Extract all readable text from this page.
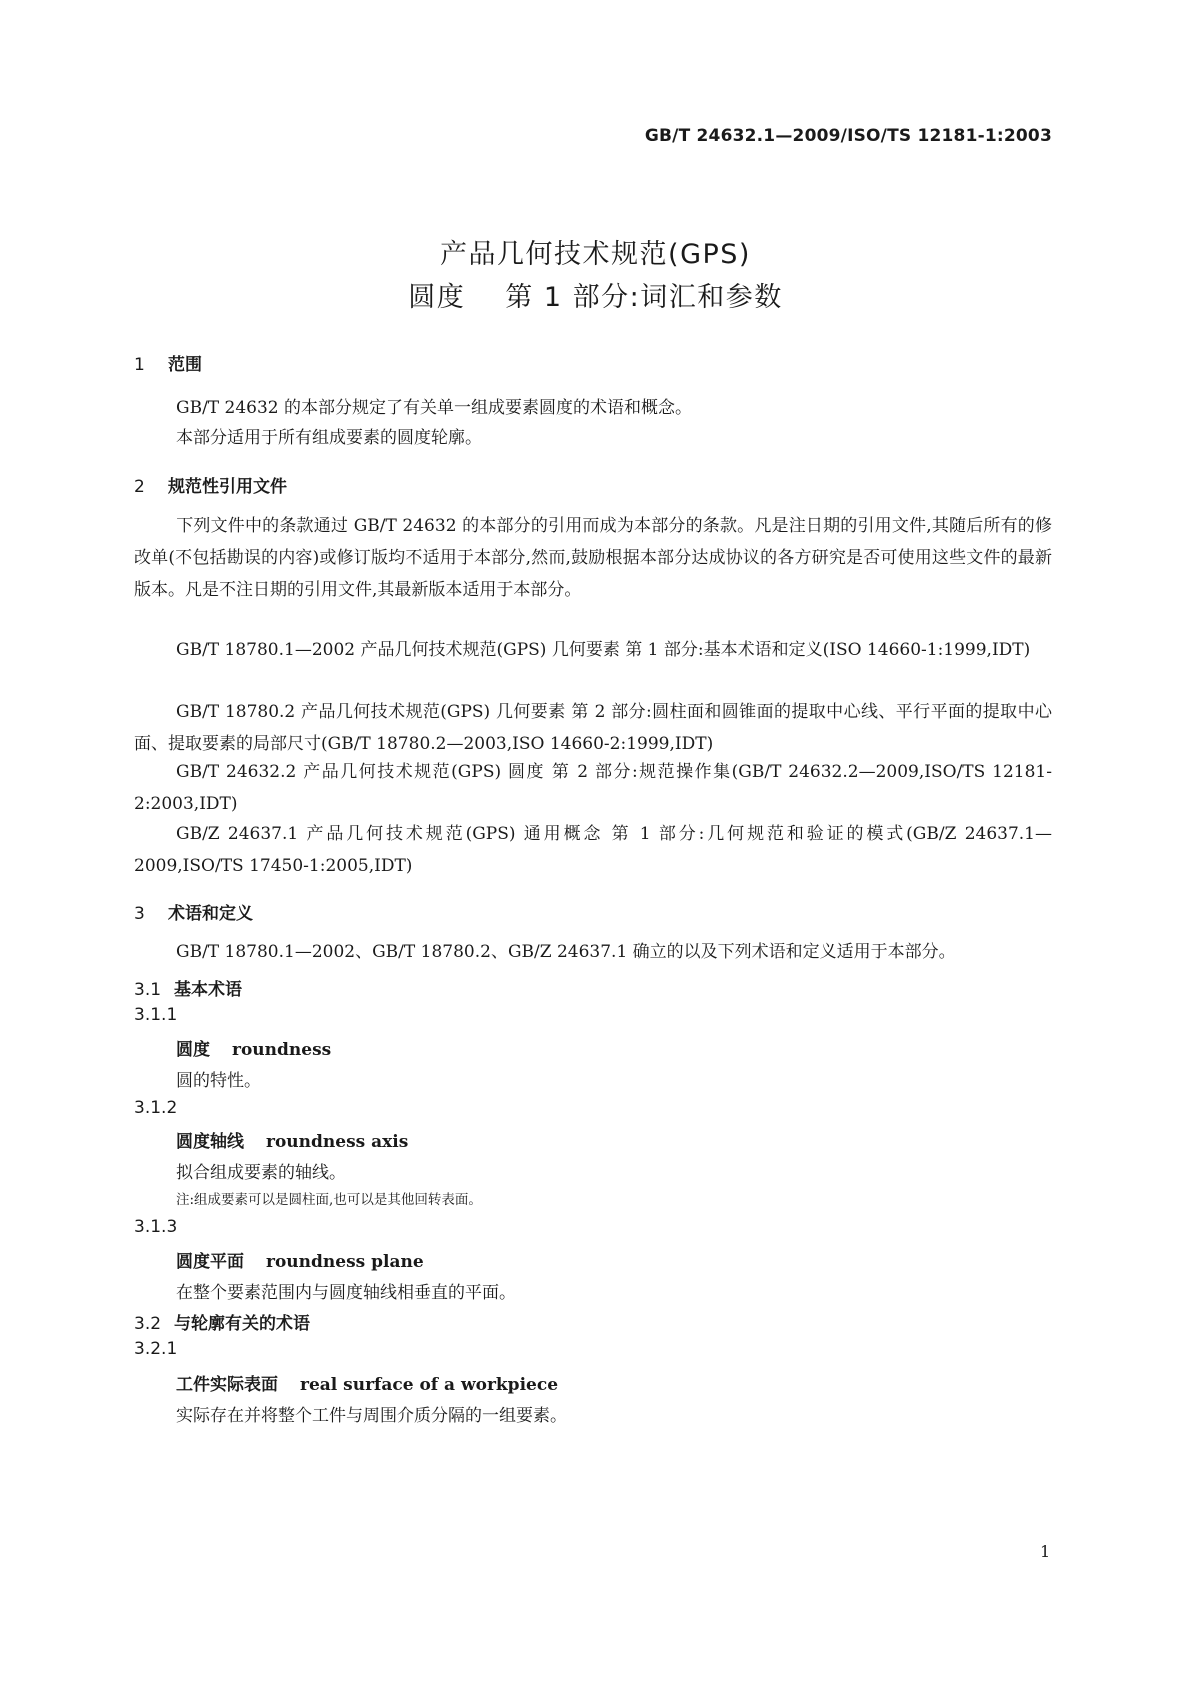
GB/T 24632.1—2009/ISO/TS 12181-1:2003
产品几何技术规范(GPS)
圆度 第 1 部分:词汇和参数
1 范围
GB/T 24632 的本部分规定了有关单一组成要素圆度的术语和概念。
本部分适用于所有组成要素的圆度轮廓。
2 规范性引用文件
下列文件中的条款通过 GB/T 24632 的本部分的引用而成为本部分的条款。凡是注日期的引用文件,其随后所有的修改单(不包括勘误的内容)或修订版均不适用于本部分,然而,鼓励根据本部分达成协议的各方研究是否可使用这些文件的最新版本。凡是不注日期的引用文件,其最新版本适用于本部分。
GB/T 18780.1—2002 产品几何技术规范(GPS) 几何要素 第 1 部分:基本术语和定义(ISO 14660-1:1999,IDT)
GB/T 18780.2 产品几何技术规范(GPS) 几何要素 第 2 部分:圆柱面和圆锥面的提取中心线、平行平面的提取中心面、提取要素的局部尺寸(GB/T 18780.2—2003,ISO 14660-2:1999,IDT)
GB/T 24632.2 产品几何技术规范(GPS) 圆度 第 2 部分:规范操作集(GB/T 24632.2—2009,ISO/TS 12181-2:2003,IDT)
GB/Z 24637.1 产品几何技术规范(GPS) 通用概念 第 1 部分:几何规范和验证的模式(GB/Z 24637.1—2009,ISO/TS 17450-1:2005,IDT)
3 术语和定义
GB/T 18780.1—2002、GB/T 18780.2、GB/Z 24637.1 确立的以及下列术语和定义适用于本部分。
3.1 基本术语
3.1.1
圆度 roundness
圆的特性。
3.1.2
圆度轴线 roundness axis
拟合组成要素的轴线。
注:组成要素可以是圆柱面,也可以是其他回转表面。
3.1.3
圆度平面 roundness plane
在整个要素范围内与圆度轴线相垂直的平面。
3.2 与轮廓有关的术语
3.2.1
工件实际表面 real surface of a workpiece
实际存在并将整个工件与周围介质分隔的一组要素。
1
